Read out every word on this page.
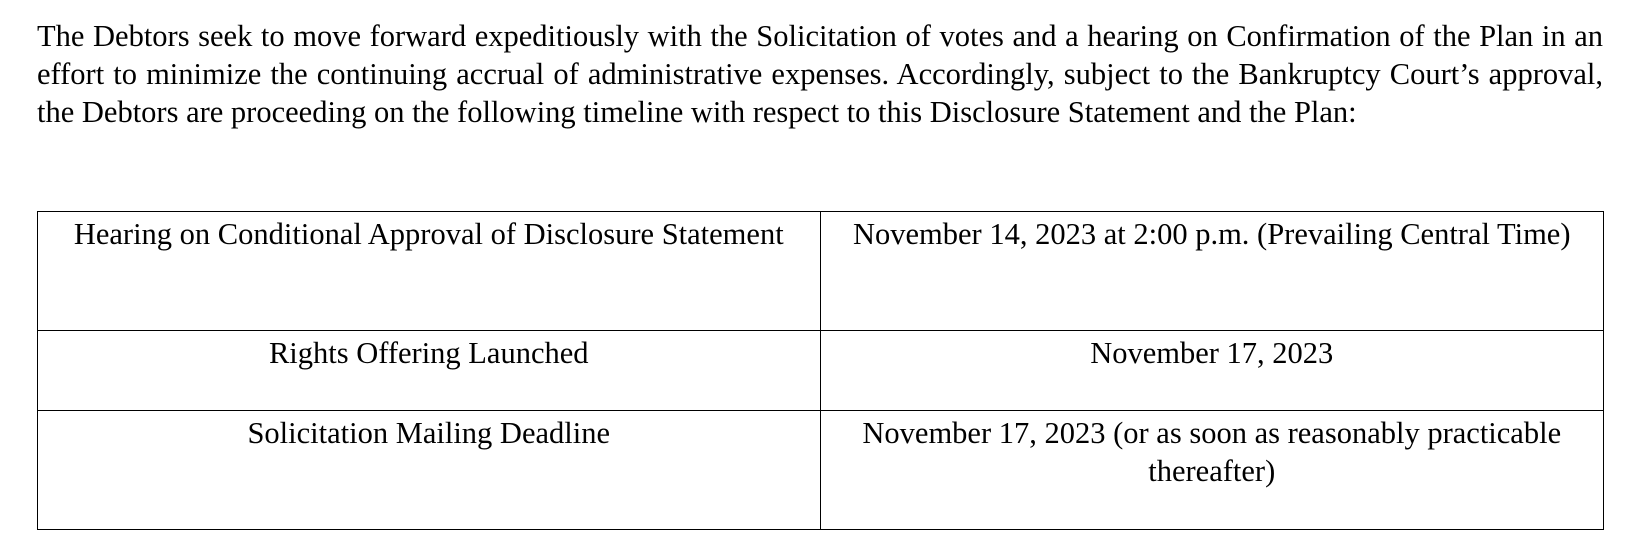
The Debtors seek to move forward expeditiously with the Solicitation of votes and a hearing on Confirmation of the Plan in an effort to minimize the continuing accrual of administrative expenses. Accordingly, subject to the Bankruptcy Court’s approval, the Debtors are proceeding on the following timeline with respect to this Disclosure Statement and the Plan:

Hearing on Conditional Approval of Disclosure Statement	November 14, 2023 at 2:00 p.m. (Prevailing Central Time)
Rights Offering Launched	November 17, 2023
Solicitation Mailing Deadline	November 17, 2023 (or as soon as reasonably practicable thereafter)
